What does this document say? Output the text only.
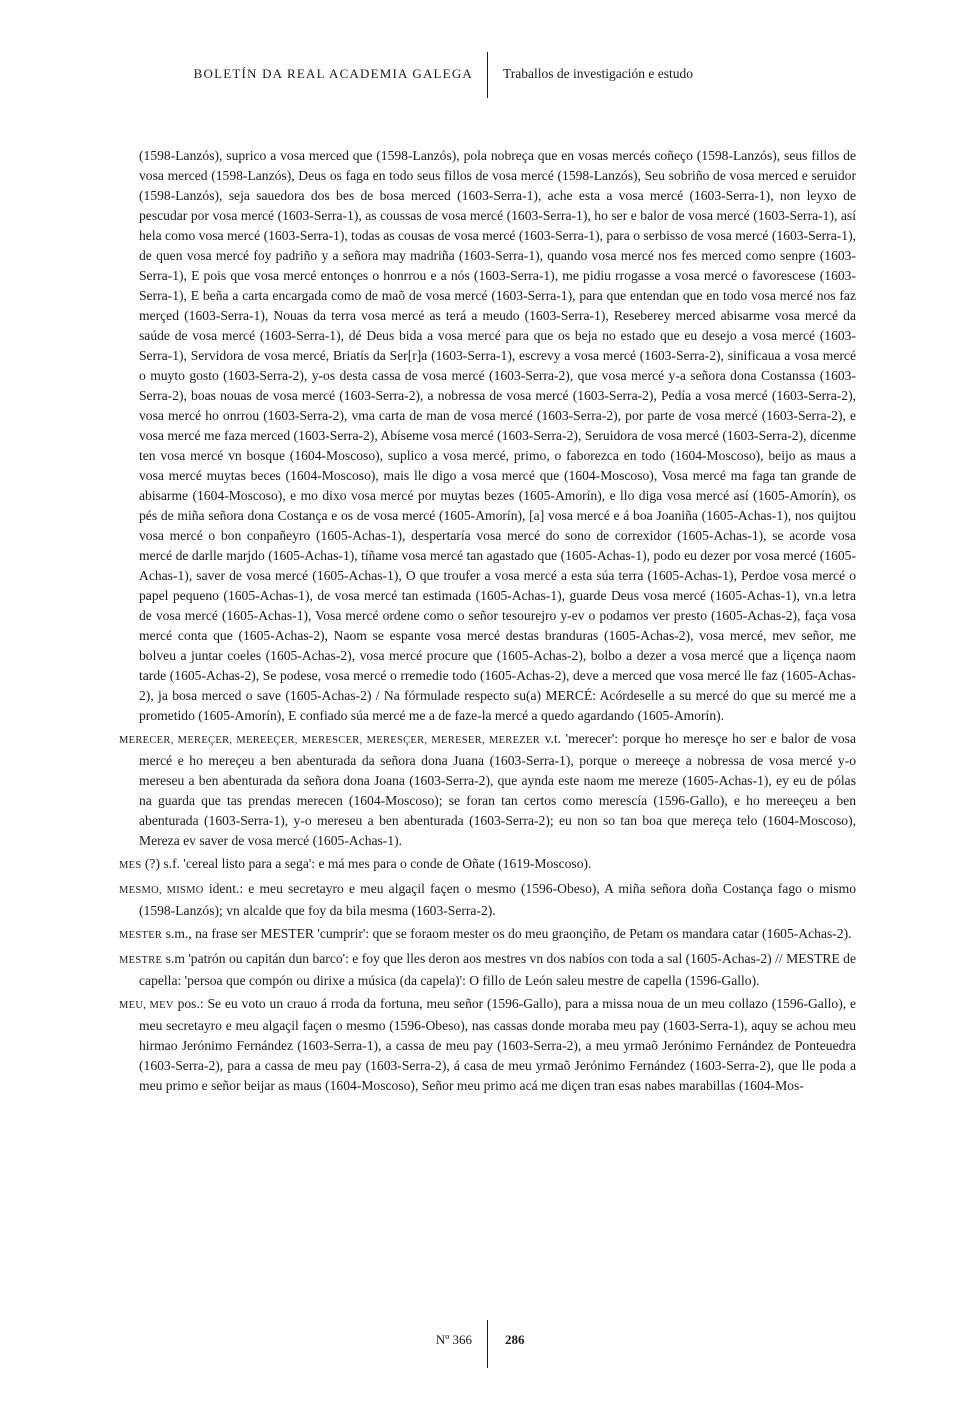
BOLETÍN DA REAL ACADEMIA GALEGA Traballos de investigación e estudo

(1598-Lanzós), suprico a vosa merced que (1598-Lanzós), pola nobreça que en vosas mercés coñeço (1598-Lanzós), seus fillos de vosa merced (1598-Lanzós), Deus os faga en todo seus fillos de vosa mercé (1598-Lanzós), Seu sobriño de vosa merced e seruidor (1598-Lanzós), seja sauedora dos bes de bosa merced (1603-Serra-1), ache esta a vosa mercé (1603-Serra-1), non leyxo de pescudar por vosa mercé (1603-Serra-1), as coussas de vosa mercé (1603-Serra-1), ho ser e balor de vosa mercé (1603-Serra-1), así hela como vosa mercé (1603-Serra-1), todas as cousas de vosa mercé (1603-Serra-1), para o serbisso de vosa mercé (1603-Serra-1), de quen vosa mercé foy padriño y a señora may madriña (1603-Serra-1), quando vosa mercé nos fes merced como senpre (1603-Serra-1), E pois que vosa mercé entonçes o honrrou e a nós (1603-Serra-1), me pidiu rrogasse a vosa mercé o favorescese (1603-Serra-1), E beña a carta encargada como de maõ de vosa mercé (1603-Serra-1), para que entendan que en todo vosa mercé nos faz merçed (1603-Serra-1), Nouas da terra vosa mercé as terá a meudo (1603-Serra-1), Reseberey merced abisarme vosa mercé da saúde de vosa mercé (1603-Serra-1), dé Deus bida a vosa mercé para que os beja no estado que eu desejo a vosa mercé (1603-Serra-1), Servidora de vosa mercé, Briatís da Ser[r]a (1603-Serra-1), escrevy a vosa mercé (1603-Serra-2), sinificaua a vosa mercé o muyto gosto (1603-Serra-2), y-os desta cassa de vosa mercé (1603-Serra-2), que vosa mercé y-a señora dona Costanssa (1603-Serra-2), boas nouas de vosa mercé (1603-Serra-2), a nobressa de vosa mercé (1603-Serra-2), Pedía a vosa mercé (1603-Serra-2), vosa mercé ho onrrou (1603-Serra-2), vma carta de man de vosa mercé (1603-Serra-2), por parte de vosa mercé (1603-Serra-2), e vosa mercé me faza merced (1603-Serra-2), Abíseme vosa mercé (1603-Serra-2), Seruidora de vosa mercé (1603-Serra-2), dícenme ten vosa mercé vn bosque (1604-Moscoso), suplico a vosa mercé, primo, o faborezca en todo (1604-Moscoso), beijo as maus a vosa mercé muytas beces (1604-Moscoso), mais lle digo a vosa mercé que (1604-Moscoso), Vosa mercé ma faga tan grande de abisarme (1604-Moscoso), e mo dixo vosa mercé por muytas bezes (1605-Amorín), e llo diga vosa mercé así (1605-Amorín), os pés de miña señora dona Costança e os de vosa mercé (1605-Amorín), [a] vosa mercé e á boa Joaniña (1605-Achas-1), nos quijtou vosa mercé o bon conpañeyro (1605-Achas-1), despertaría vosa mercé do sono de correxidor (1605-Achas-1), se acorde vosa mercé de darlle marjdo (1605-Achas-1), tíñame vosa mercé tan agastado que (1605-Achas-1), podo eu dezer por vosa mercé (1605-Achas-1), saver de vosa mercé (1605-Achas-1), O que troufer a vosa mercé a esta súa terra (1605-Achas-1), Perdoe vosa mercé o papel pequeno (1605-Achas-1), de vosa mercé tan estimada (1605-Achas-1), guarde Deus vosa mercé (1605-Achas-1), vn.a letra de vosa mercé (1605-Achas-1), Vosa mercé ordene como o señor tesourejro y-ev o podamos ver presto (1605-Achas-2), faça vosa mercé conta que (1605-Achas-2), Naom se espante vosa mercé destas branduras (1605-Achas-2), vosa mercé, mev señor, me bolveu a juntar coeles (1605-Achas-2), vosa mercé procure que (1605-Achas-2), bolbo a dezer a vosa mercé que a liçença naom tarde (1605-Achas-2), Se podese, vosa mercé o rremedie todo (1605-Achas-2), deve a merced que vosa mercé lle faz (1605-Achas-2), ja bosa merced o save (1605-Achas-2) / Na fórmulade respecto su(a) MERCÉ: Acórdeselle a su mercé do que su mercé me a prometido (1605-Amorín), E confiado súa mercé me a de faze-la mercé a quedo agardando (1605-Amorín).

MERECER, MEREÇER, MEREEÇER, MERESCER, MERESÇER, MERESER, MEREZER v.t. 'merecer': porque ho meresçe ho ser e balor de vosa mercé e ho mereçeu a ben abenturada da señora dona Juana (1603-Serra-1), porque o mereeçe a nobressa de vosa mercé y-o mereseu a ben abenturada da señora dona Joana (1603-Serra-2), que aynda este naom me mereze (1605-Achas-1), ey eu de pólas na guarda que tas prendas merecen (1604-Moscoso); se foran tan certos como merescía (1596-Gallo), e ho mereeçeu a ben abenturada (1603-Serra-1), y-o mereseu a ben abenturada (1603-Serra-2); eu non so tan boa que mereça telo (1604-Moscoso), Mereza ev saver de vosa mercé (1605-Achas-1).

MES (?) s.f. 'cereal listo para a sega': e má mes para o conde de Oñate (1619-Moscoso).

MESMO, MISMO ident.: e meu secretayro e meu algaçil façen o mesmo (1596-Obeso), A miña señora doña Costança fago o mismo (1598-Lanzós); vn alcalde que foy da bila mesma (1603-Serra-2).

MESTER s.m., na frase ser MESTER 'cumprir': que se foraom mester os do meu graonçiño, de Petam os mandara catar (1605-Achas-2).

MESTRE s.m 'patrón ou capitán dun barco': e foy que lles deron aos mestres vn dos nabíos con toda a sal (1605-Achas-2) // MESTRE de capella: 'persoa que compón ou dirixe a música (da capela)': O fillo de León saleu mestre de capella (1596-Gallo).

MEU, MEV pos.: Se eu voto un crauo á rroda da fortuna, meu señor (1596-Gallo), para a missa noua de un meu collazo (1596-Gallo), e meu secretayro e meu algaçil façen o mesmo (1596-Obeso), nas cassas donde moraba meu pay (1603-Serra-1), aquy se achou meu hirmao Jerónimo Fernández (1603-Serra-1), a cassa de meu pay (1603-Serra-2), a meu yrmaõ Jerónimo Fernández de Ponteuedra (1603-Serra-2), para a cassa de meu pay (1603-Serra-2), á casa de meu yrmaõ Jerónimo Fernández (1603-Serra-2), que lle poda a meu primo e señor beijar as maus (1604-Moscoso), Señor meu primo acá me diçen tran esas nabes marabillas (1604-Mos-

Nº 366	286
